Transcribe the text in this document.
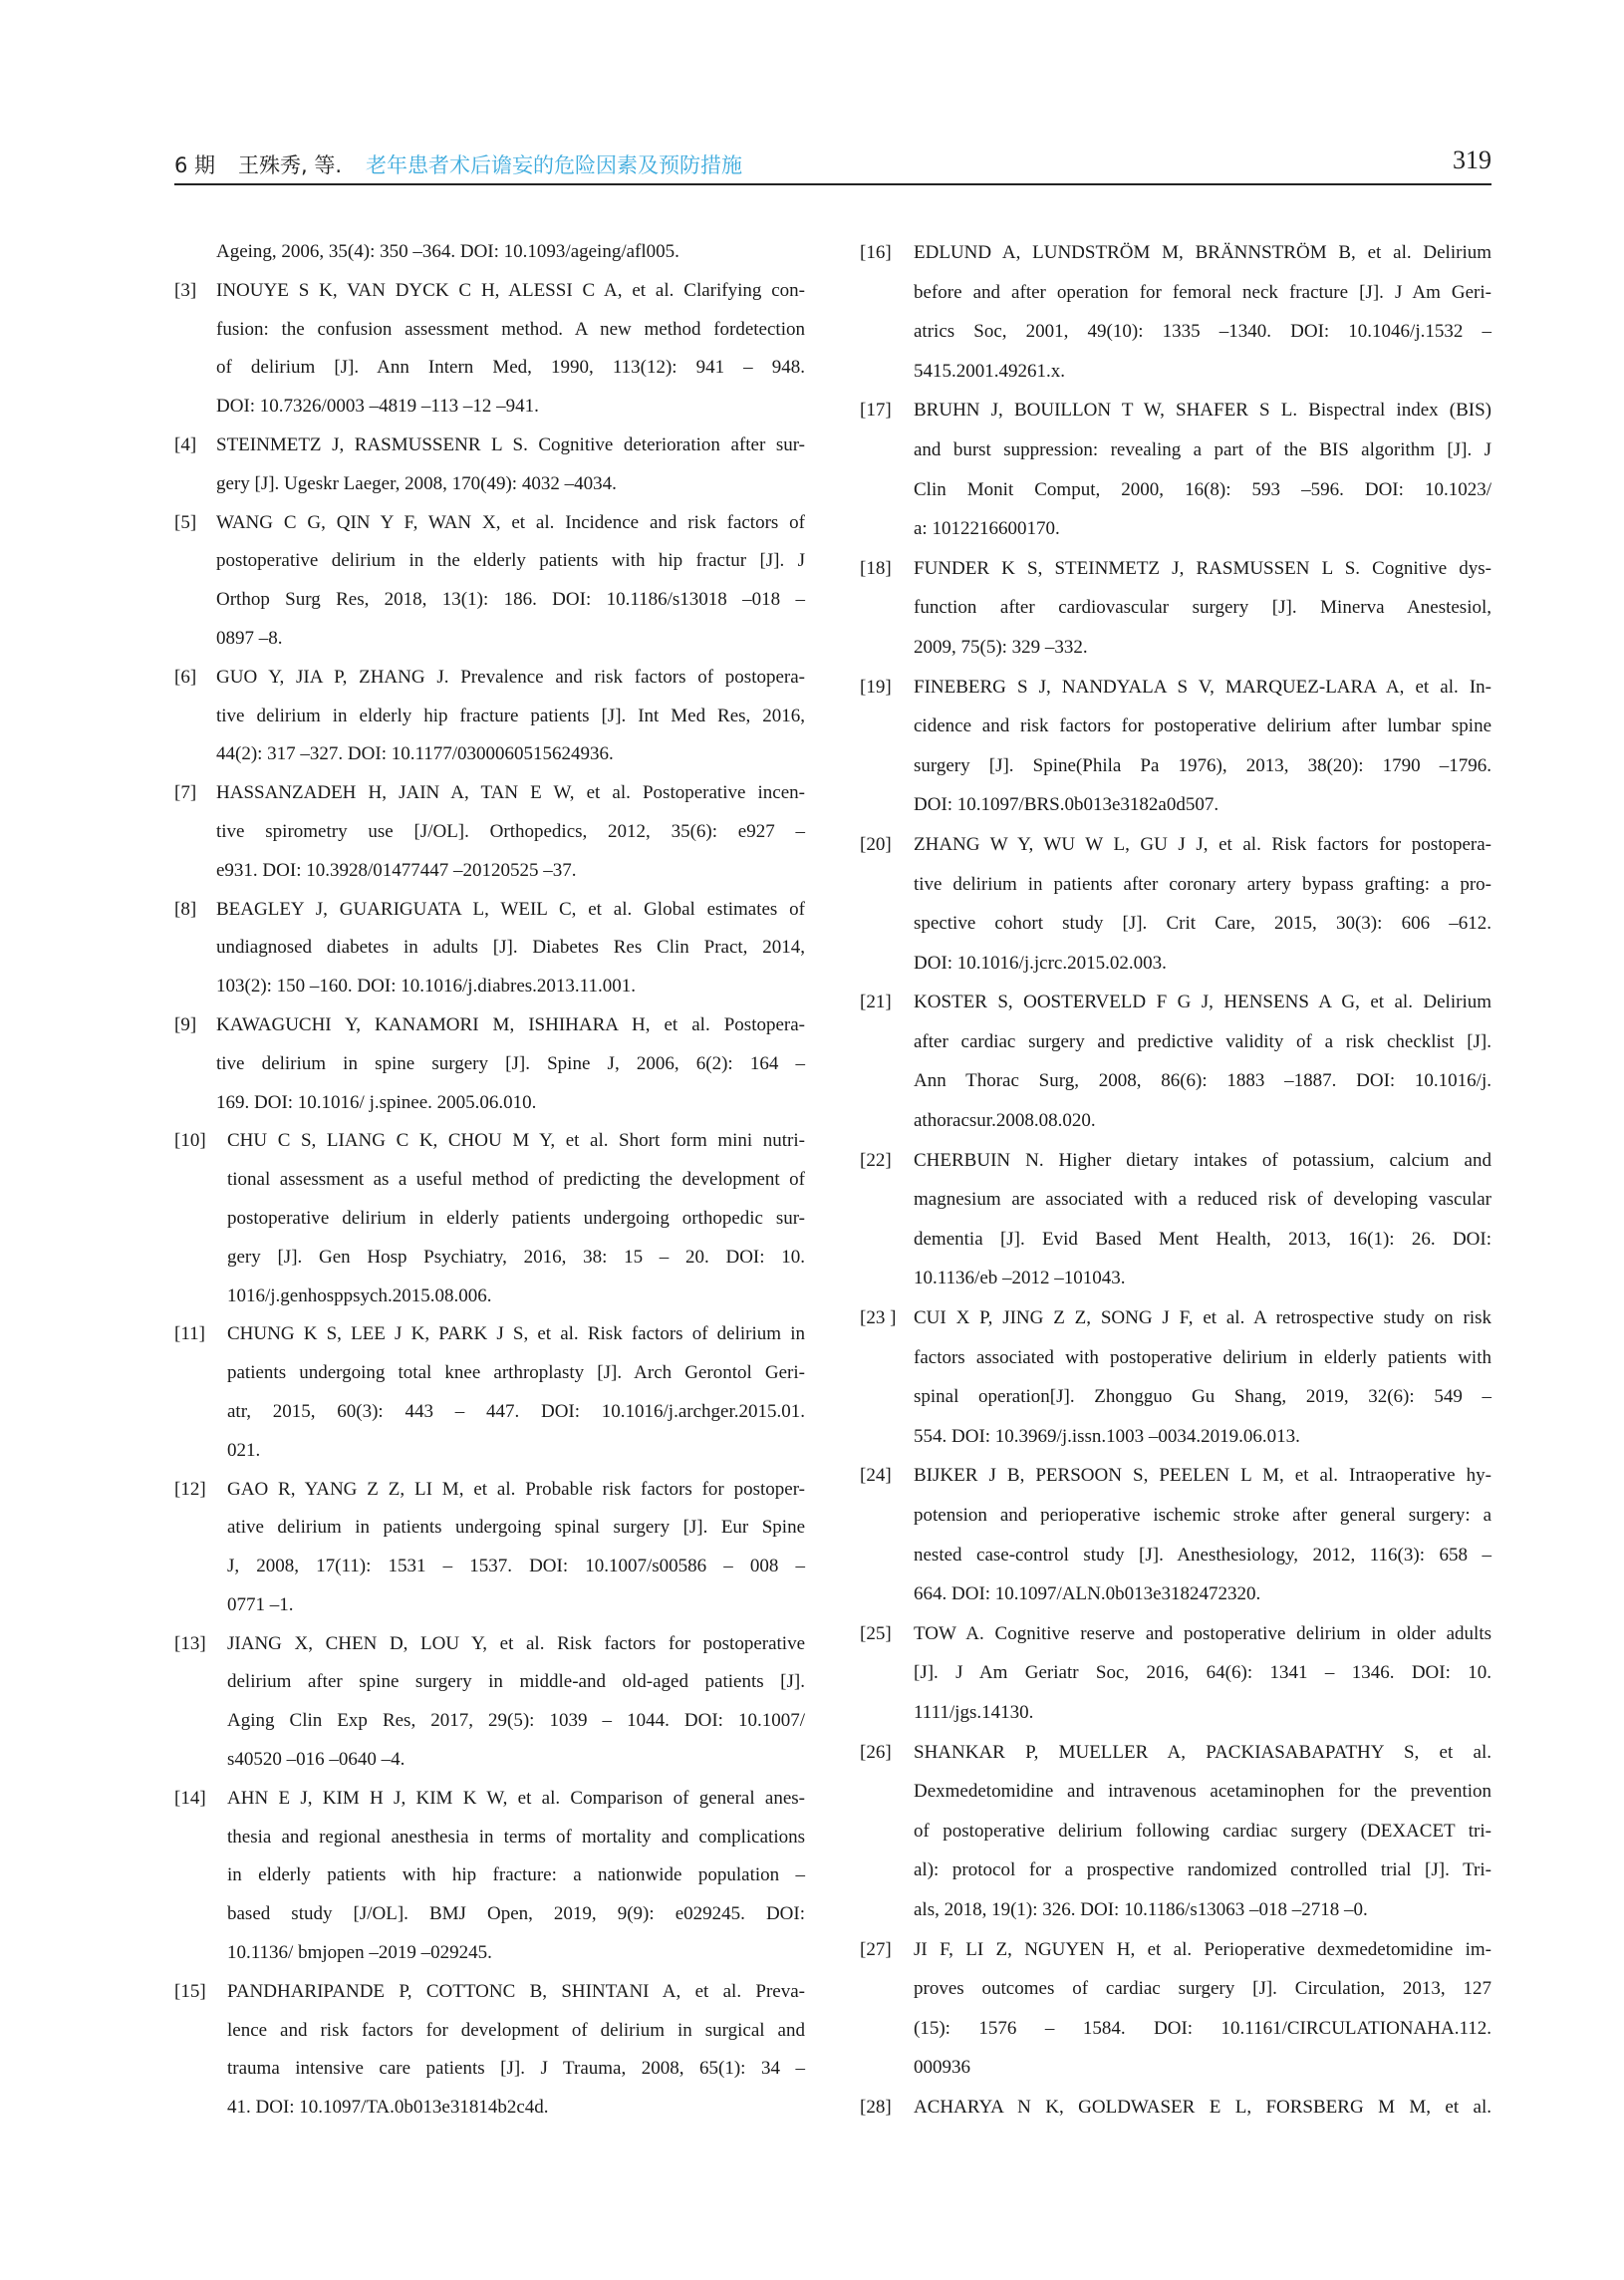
6 期 王殊秀, 等. 老年患者术后谵妄的危险因素及预防措施	319
Ageing, 2006, 35(4): 350 –364. DOI: 10.1093/ageing/afl005.
[3] INOUYE S K, VAN DYCK C H, ALESSI C A, et al. Clarifying con-
fusion: the confusion assessment method. A new method fordetection
of delirium [J]. Ann Intern Med, 1990, 113(12): 941 – 948.
DOI: 10.7326/0003 –4819 –113 –12 –941.
[4] STEINMETZ J, RASMUSSENR L S. Cognitive deterioration after sur-
gery [J]. Ugeskr Laeger, 2008, 170(49): 4032 –4034.
[5] WANG C G, QIN Y F, WAN X, et al. Incidence and risk factors of
postoperative delirium in the elderly patients with hip fractur [J]. J
Orthop Surg Res, 2018, 13(1): 186. DOI: 10.1186/s13018 –018 –
0897 –8.
[6] GUO Y, JIA P, ZHANG J. Prevalence and risk factors of postopera-
tive delirium in elderly hip fracture patients [J]. Int Med Res, 2016,
44(2): 317 –327. DOI: 10.1177/0300060515624936.
[7] HASSANZADEH H, JAIN A, TAN E W, et al. Postoperative incen-
tive spirometry use [J/OL]. Orthopedics, 2012, 35(6): e927 –
e931. DOI: 10.3928/01477447 –20120525 –37.
[8] BEAGLEY J, GUARIGUATA L, WEIL C, et al. Global estimates of
undiagnosed diabetes in adults [J]. Diabetes Res Clin Pract, 2014,
103(2): 150 –160. DOI: 10.1016/j.diabres.2013.11.001.
[9] KAWAGUCHI Y, KANAMORI M, ISHIHARA H, et al. Postopera-
tive delirium in spine surgery [J]. Spine J, 2006, 6(2): 164 –
169. DOI: 10.1016/ j.spinee. 2005.06.010.
[10] CHU C S, LIANG C K, CHOU M Y, et al. Short form mini nutri-
tional assessment as a useful method of predicting the development of
postoperative delirium in elderly patients undergoing orthopedic sur-
gery [J]. Gen Hosp Psychiatry, 2016, 38: 15 – 20. DOI: 10.
1016/j.genhosppsych.2015.08.006.
[11] CHUNG K S, LEE J K, PARK J S, et al. Risk factors of delirium in
patients undergoing total knee arthroplasty [J]. Arch Gerontol Geri-
atr, 2015, 60(3): 443 – 447. DOI: 10.1016/j.archger.2015.01.
021.
[12] GAO R, YANG Z Z, LI M, et al. Probable risk factors for postoper-
ative delirium in patients undergoing spinal surgery [J]. Eur Spine
J, 2008, 17(11): 1531 – 1537. DOI: 10.1007/s00586 – 008 –
0771 –1.
[13] JIANG X, CHEN D, LOU Y, et al. Risk factors for postoperative
delirium after spine surgery in middle-and old-aged patients [J].
Aging Clin Exp Res, 2017, 29(5): 1039 – 1044. DOI: 10.1007/
s40520 –016 –0640 –4.
[14] AHN E J, KIM H J, KIM K W, et al. Comparison of general anes-
thesia and regional anesthesia in terms of mortality and complications
in elderly patients with hip fracture: a nationwide population –
based study [J/OL]. BMJ Open, 2019, 9(9): e029245. DOI:
10.1136/ bmjopen –2019 –029245.
[15] PANDHARIPANDE P, COTTONC B, SHINTANI A, et al. Preva-
lence and risk factors for development of delirium in surgical and
trauma intensive care patients [J]. J Trauma, 2008, 65(1): 34 –
41. DOI: 10.1097/TA.0b013e31814b2c4d.
[16] EDLUND A, LUNDSTRÖM M, BRÄNNSTRÖM B, et al. Delirium
before and after operation for femoral neck fracture [J]. J Am Geri-
atrics Soc, 2001, 49(10): 1335 –1340. DOI: 10.1046/j.1532 –
5415.2001.49261.x.
[17] BRUHN J, BOUILLON T W, SHAFER S L. Bispectral index (BIS)
and burst suppression: revealing a part of the BIS algorithm [J]. J
Clin Monit Comput, 2000, 16(8): 593 –596. DOI: 10.1023/
a: 1012216600170.
[18] FUNDER K S, STEINMETZ J, RASMUSSEN L S. Cognitive dys-
function after cardiovascular surgery [J]. Minerva Anestesiol,
2009, 75(5): 329 –332.
[19] FINEBERG S J, NANDYALA S V, MARQUEZ-LARA A, et al. In-
cidence and risk factors for postoperative delirium after lumbar spine
surgery [J]. Spine(Phila Pa 1976), 2013, 38(20): 1790 –1796.
DOI: 10.1097/BRS.0b013e3182a0d507.
[20] ZHANG W Y, WU W L, GU J J, et al. Risk factors for postopera-
tive delirium in patients after coronary artery bypass grafting: a pro-
spective cohort study [J]. Crit Care, 2015, 30(3): 606 –612.
DOI: 10.1016/j.jcrc.2015.02.003.
[21] KOSTER S, OOSTERVELD F G J, HENSENS A G, et al. Delirium
after cardiac surgery and predictive validity of a risk checklist [J].
Ann Thorac Surg, 2008, 86(6): 1883 –1887. DOI: 10.1016/j.
athoracsur.2008.08.020.
[22] CHERBUIN N. Higher dietary intakes of potassium, calcium and
magnesium are associated with a reduced risk of developing vascular
dementia [J]. Evid Based Ment Health, 2013, 16(1): 26. DOI:
10.1136/eb –2012 –101043.
[23 ] CUI X P, JING Z Z, SONG J F, et al. A retrospective study on risk
factors associated with postoperative delirium in elderly patients with
spinal operation[J]. Zhongguo Gu Shang, 2019, 32(6): 549 –
554. DOI: 10.3969/j.issn.1003 –0034.2019.06.013.
[24] BIJKER J B, PERSOON S, PEELEN L M, et al. Intraoperative hy-
potension and perioperative ischemic stroke after general surgery: a
nested case-control study [J]. Anesthesiology, 2012, 116(3): 658 –
664. DOI: 10.1097/ALN.0b013e3182472320.
[25] TOW A. Cognitive reserve and postoperative delirium in older adults
[J]. J Am Geriatr Soc, 2016, 64(6): 1341 – 1346. DOI: 10.
1111/jgs.14130.
[26] SHANKAR P, MUELLER A, PACKIASABAPATHY S, et al.
Dexmedetomidine and intravenous acetaminophen for the prevention
of postoperative delirium following cardiac surgery (DEXACET tri-
al): protocol for a prospective randomized controlled trial [J]. Tri-
als, 2018, 19(1): 326. DOI: 10.1186/s13063 –018 –2718 –0.
[27] JI F, LI Z, NGUYEN H, et al. Perioperative dexmedetomidine im-
proves outcomes of cardiac surgery [J]. Circulation, 2013, 127
(15): 1576 – 1584. DOI: 10.1161/CIRCULATIONAHA.112.
000936
[28] ACHARYA N K, GOLDWASER E L, FORSBERG M M, et al.
